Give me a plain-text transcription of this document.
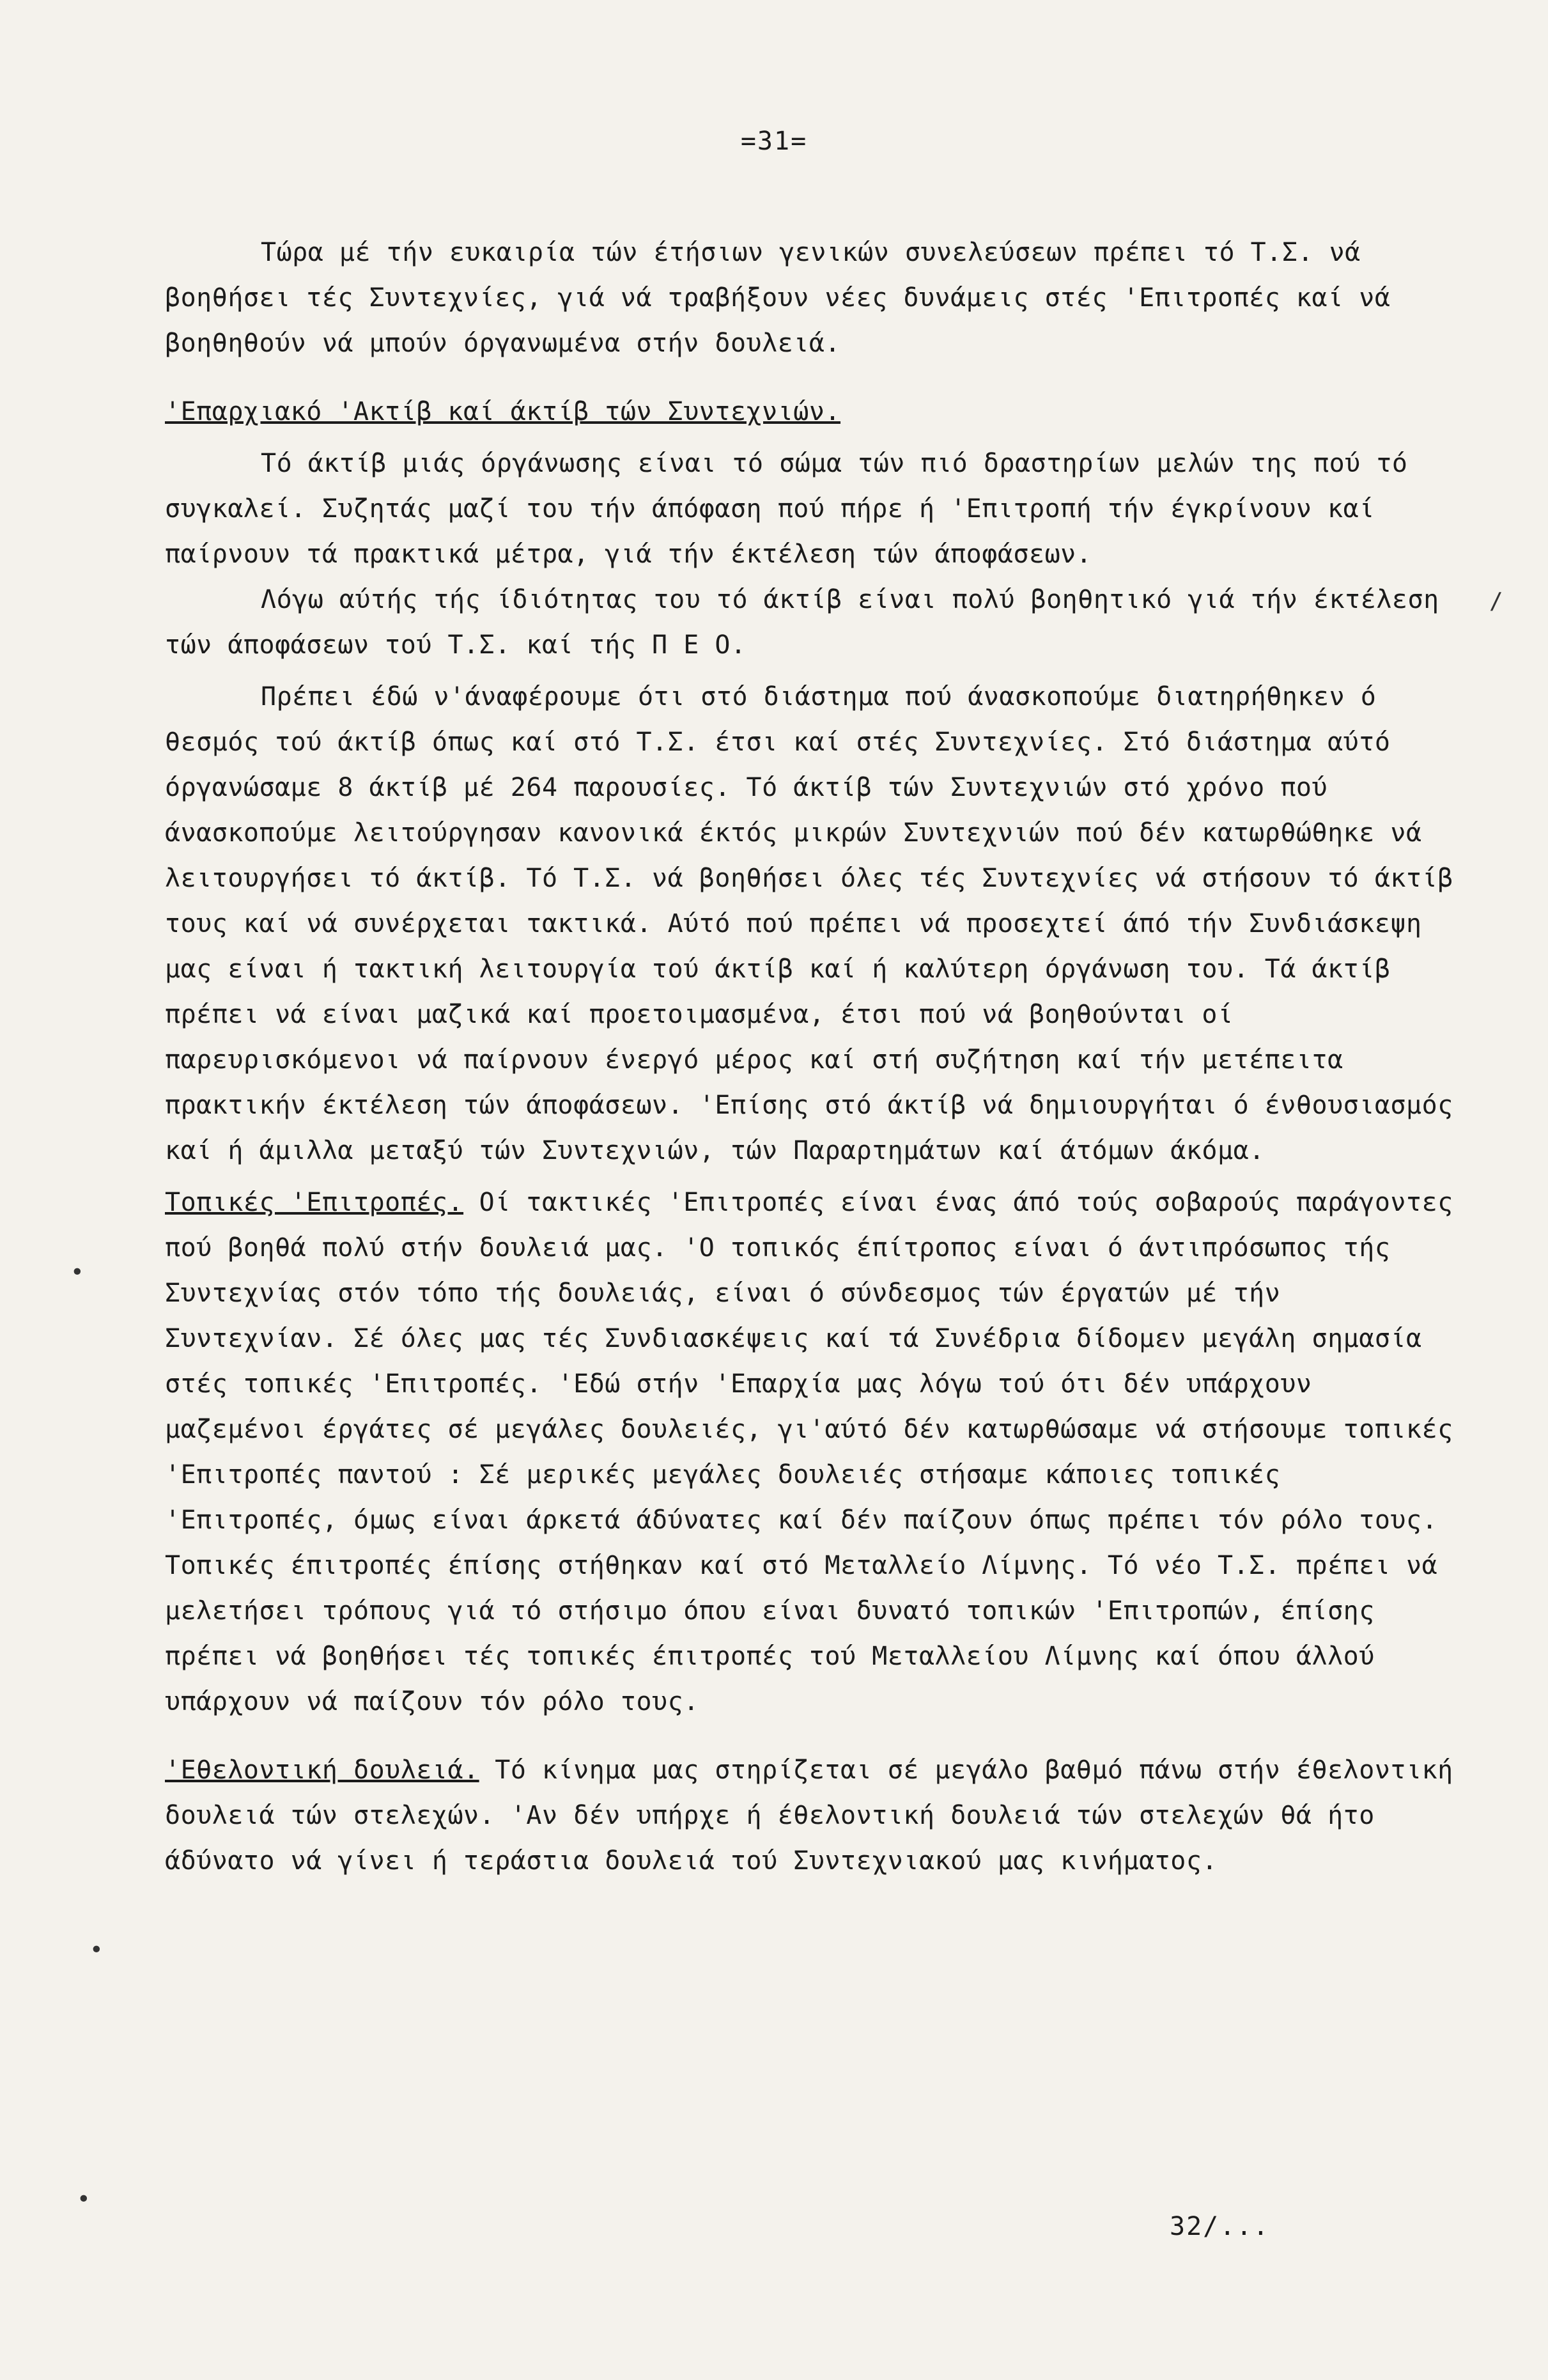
=31=

Τώρα μέ τήν ευκαιρία τών έτήσιων γενικών συνελεύσεων πρέπει τό Τ.Σ. νά βοηθήσει τές Συντεχνίες, γιά νά τραβήξουν νέες δυνάμεις στές 'Επιτροπές καί νά βοηθηθούν νά μπούν όργανωμένα στήν δουλειά.

'Επαρχιακό 'Ακτίβ καί άκτίβ τών Συντεχνιών.

Τό άκτίβ μιάς όργάνωσης είναι τό σώμα τών πιό δραστηρίων μελών της πού τό συγκαλεί. Συζητάς μαζί του τήν άπόφαση πού πήρε ή 'Επιτροπή τήν έγκρίνουν καί παίρνουν τά πρακτικά μέτρα, γιά τήν έκτέλεση τών άποφάσεων.

Λόγω αύτής τής ίδιότητας του τό άκτίβ είναι πολύ βοηθητικό γιά τήν έκτέλεση τών άποφάσεων τού Τ.Σ. καί τής Π Ε Ο.

Πρέπει έδώ ν'άναφέρουμε ότι στό διάστημα πού άνασκοπούμε διατηρήθηκεν ό θεσμός τού άκτίβ όπως καί στό Τ.Σ. έτσι καί στές Συντεχνίες. Στό διάστημα αύτό όργανώσαμε 8 άκτίβ μέ 264 παρουσίες. Τό άκτίβ τών Συντεχνιών στό χρόνο πού άνασκοπούμε λειτούργησαν κανονικά έκτός μικρών Συντεχνιών πού δέν κατωρθώθηκε νά λειτουργήσει τό άκτίβ. Τό Τ.Σ. νά βοηθήσει όλες τές Συντεχνίες νά στήσουν τό άκτίβ τους καί νά συνέρχεται τακτικά. Αύτό πού πρέπει νά προσεχτεί άπό τήν Συνδιάσκεψη μας είναι ή τακτική λειτουργία τού άκτίβ καί ή καλύτερη όργάνωση του. Τά άκτίβ πρέπει νά είναι μαζικά καί προετοιμασμένα, έτσι πού νά βοηθούνται οί παρευρισκόμενοι νά παίρνουν ένεργό μέρος καί στή συζήτηση καί τήν μετέπειτα πρακτικήν έκτέλεση τών άποφάσεων. 'Επίσης στό άκτίβ νά δημιουργήται ό ένθουσιασμός καί ή άμιλλα μεταξύ τών Συντεχνιών, τών Παραρτημάτων καί άτόμων άκόμα.

Τοπικές 'Επιτροπές. Οί τακτικές 'Επιτροπές είναι ένας άπό τούς σοβαρούς παράγοντες πού βοηθά πολύ στήν δουλειά μας. 'Ο τοπικός έπίτροπος είναι ό άντιπρόσωπος τής Συντεχνίας στόν τόπο τής δουλειάς, είναι ό σύνδεσμος τών έργατών μέ τήν Συντεχνίαν. Σέ όλες μας τές Συνδιασκέψεις καί τά Συνέδρια δίδομεν μεγάλη σημασία στές τοπικές 'Επιτροπές. 'Εδώ στήν 'Επαρχία μας λόγω τού ότι δέν υπάρχουν μαζεμένοι έργάτες σέ μεγάλες δουλειές, γι'αύτό δέν κατωρθώσαμε νά στήσουμε τοπικές 'Επιτροπές παντού : Σέ μερικές μεγάλες δουλειές στήσαμε κάποιες τοπικές 'Επιτροπές, όμως είναι άρκετά άδύνατες καί δέν παίζουν όπως πρέπει τόν ρόλο τους. Τοπικές έπιτροπές έπίσης στήθηκαν καί στό Μεταλλείο Λίμνης. Τό νέο Τ.Σ. πρέπει νά μελετήσει τρόπους γιά τό στήσιμο όπου είναι δυνατό τοπικών 'Επιτροπών, έπίσης πρέπει νά βοηθήσει τές τοπικές έπιτροπές τού Μεταλλείου Λίμνης καί όπου άλλού υπάρχουν νά παίζουν τόν ρόλο τους.

'Εθελοντική δουλειά. Τό κίνημα μας στηρίζεται σέ μεγάλο βαθμό πάνω στήν έθελοντική δουλειά τών στελεχών. 'Αν δέν υπήρχε ή έθελοντική δουλειά τών στελεχών θά ήτο άδύνατο νά γίνει ή τεράστια δουλειά τού Συντεχνιακού μας κινήματος.

32/...
/
•
•
•
